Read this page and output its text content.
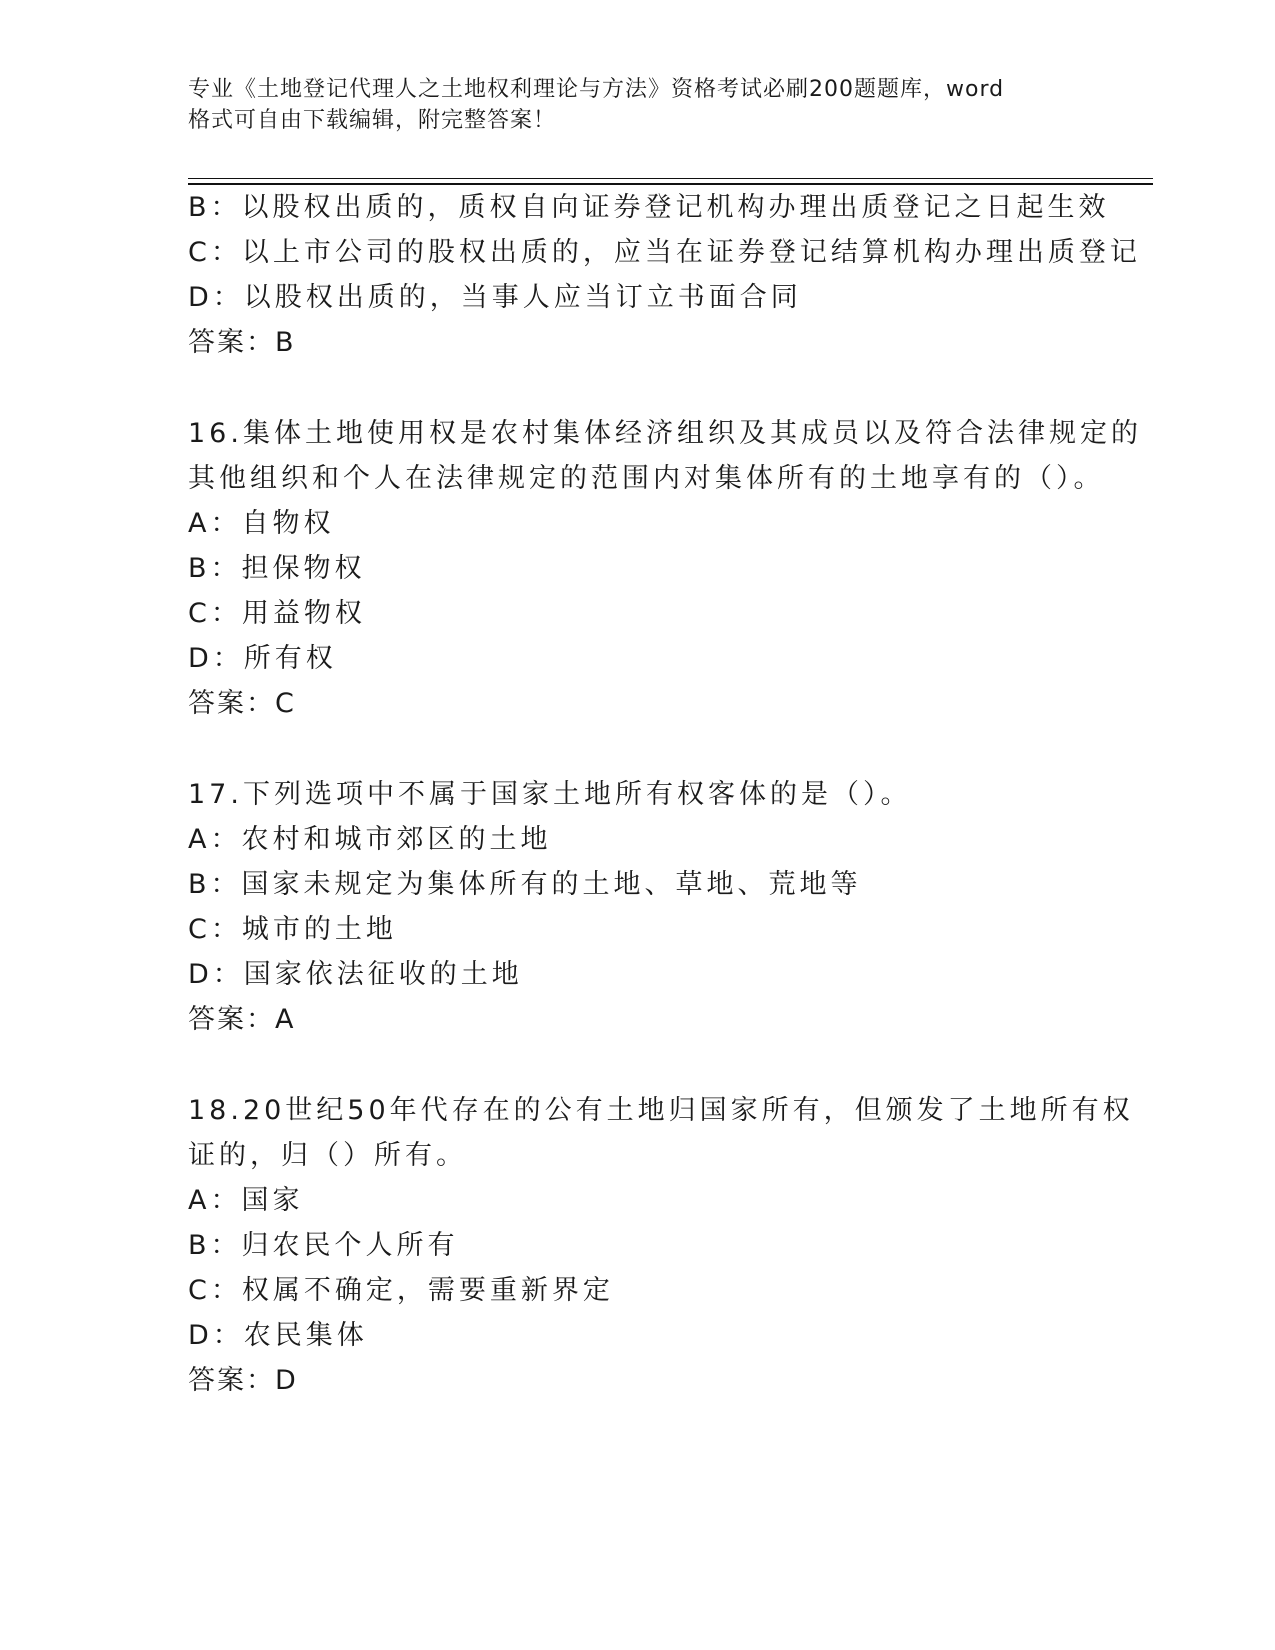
专业《土地登记代理人之土地权利理论与方法》资格考试必刷200题题库，word
格式可自由下载编辑，附完整答案！
B：以股权出质的，质权自向证券登记机构办理出质登记之日起生效
C：以上市公司的股权出质的，应当在证券登记结算机构办理出质登记
D：以股权出质的，当事人应当订立书面合同
答案：B
16.集体土地使用权是农村集体经济组织及其成员以及符合法律规定的
其他组织和个人在法律规定的范围内对集体所有的土地享有的（）。
A：自物权
B：担保物权
C：用益物权
D：所有权
答案：C
17.下列选项中不属于国家土地所有权客体的是（）。
A：农村和城市郊区的土地
B：国家未规定为集体所有的土地、草地、荒地等
C：城市的土地
D：国家依法征收的土地
答案：A
18.20世纪50年代存在的公有土地归国家所有，但颁发了土地所有权
证的，归（）所有。
A：国家
B：归农民个人所有
C：权属不确定，需要重新界定
D：农民集体
答案：D
